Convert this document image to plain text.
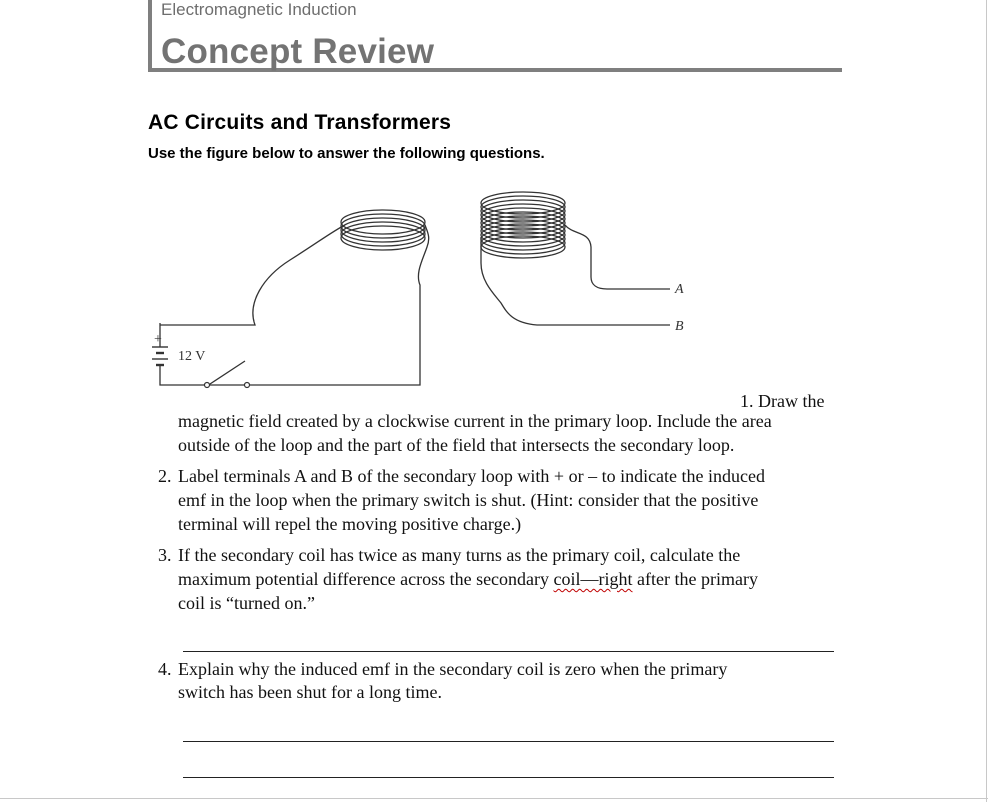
Electromagnetic Induction
Concept Review
AC Circuits and Transformers
Use the figure below to answer the following questions.
+
12 V
A
B
1. Draw the
magnetic field created by a clockwise current in the primary loop. Include the area
outside of the loop and the part of the field that intersects the secondary loop.
2. Label terminals A and B of the secondary loop with + or – to indicate the induced
emf in the loop when the primary switch is shut. (Hint: consider that the positive
terminal will repel the moving positive charge.)
3. If the secondary coil has twice as many turns as the primary coil, calculate the
maximum potential difference across the secondary coil—right after the primary
coil is “turned on.”
4. Explain why the induced emf in the secondary coil is zero when the primary
switch has been shut for a long time.
